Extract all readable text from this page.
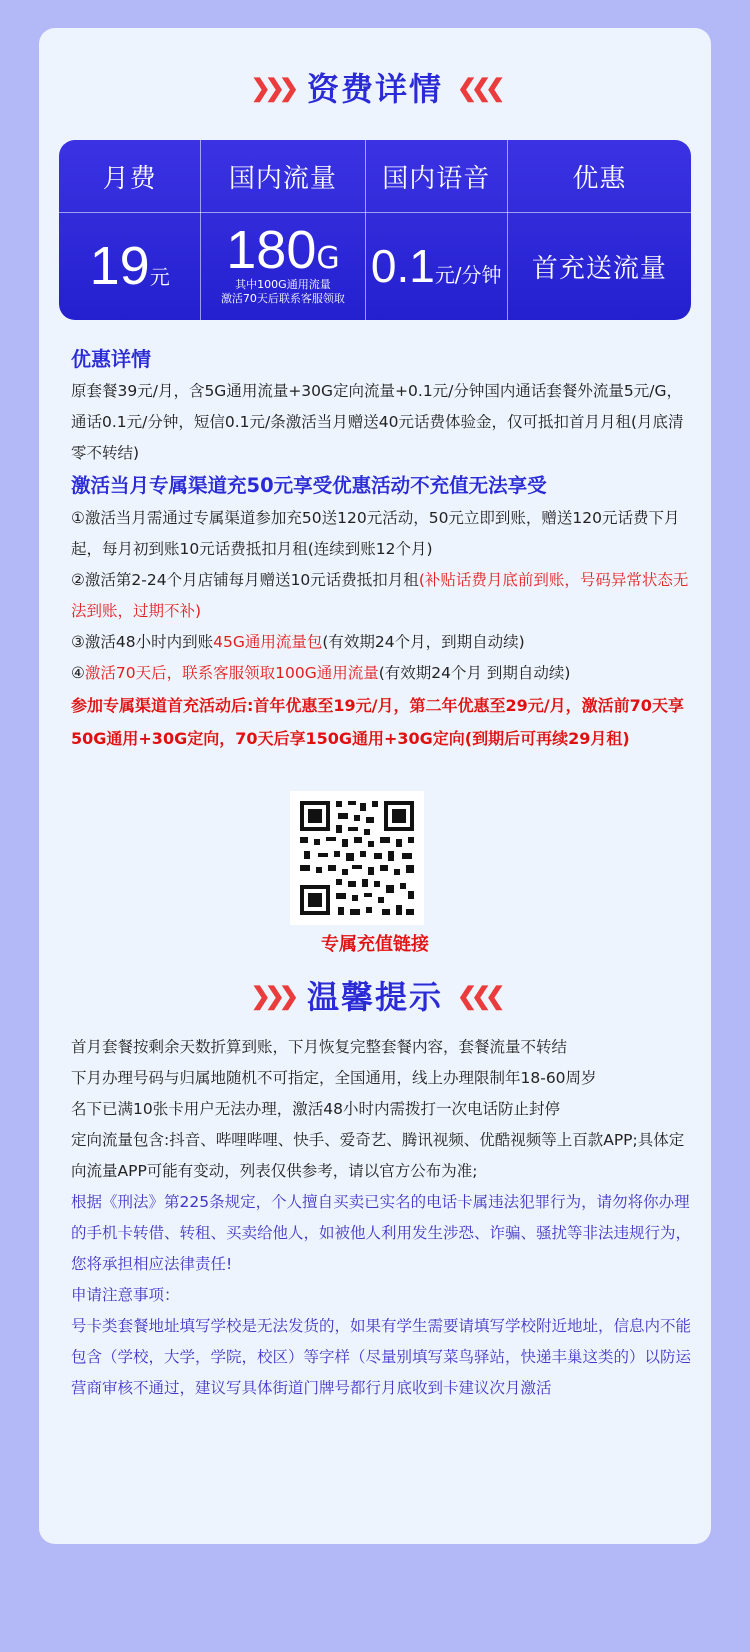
❯❯❯ 资费详情 ❮❮❮
月费	国内流量 国内语音	优惠
19元 180G
其中100G通用流量
激活70天后联系客服领取
0.1元/分钟 首充送流量

优惠详情

原套餐39元/月，含5G通用流量+30G定向流量+0.1元/分钟国内通话套餐外流量5元/G，通话0.1元/分钟，短信0.1元/条激活当月赠送40元话费体验金，仅可抵扣首月月租(月底清零不转结)

激活当月专属渠道充50元享受优惠活动不充值无法享受

①激活当月需通过专属渠道参加充50送120元活动，50元立即到账，赠送120元话费下月起，每月初到账10元话费抵扣月租(连续到账12个月)

②激活第2-24个月店铺每月赠送10元话费抵扣月租(补贴话费月底前到账，号码异常状态无法到账，过期不补)

③激活48小时内到账45G通用流量包(有效期24个月，到期自动续)

④激活70天后，联系客服领取100G通用流量(有效期24个月 到期自动续)

参加专属渠道首充活动后:首年优惠至19元/月，第二年优惠至29元/月，激活前70天享50G通用+30G定向，70天后享150G通用+30G定向(到期后可再续29月租)

专属充值链接
❯❯❯ 温馨提示 ❮❮❮

首月套餐按剩余天数折算到账，下月恢复完整套餐内容，套餐流量不转结

下月办理号码与归属地随机不可指定，全国通用，线上办理限制年18-60周岁

名下已满10张卡用户无法办理，激活48小时内需拨打一次电话防止封停

定向流量包含:抖音、哔哩哔哩、快手、爱奇艺、腾讯视频、优酷视频等上百款APP;具体定向流量APP可能有变动，列表仅供参考，请以官方公布为准;

根据《刑法》第225条规定，个人擅自买卖已实名的电话卡属违法犯罪行为，请勿将你办理的手机卡转借、转租、买卖给他人，如被他人利用发生涉恐、诈骗、骚扰等非法违规行为，您将承担相应法律责任!

申请注意事项：

号卡类套餐地址填写学校是无法发货的，如果有学生需要请填写学校附近地址，信息内不能包含（学校，大学，学院，校区）等字样（尽量别填写菜鸟驿站，快递丰巢这类的）以防运营商审核不通过，建议写具体街道门牌号都行月底收到卡建议次月激活
